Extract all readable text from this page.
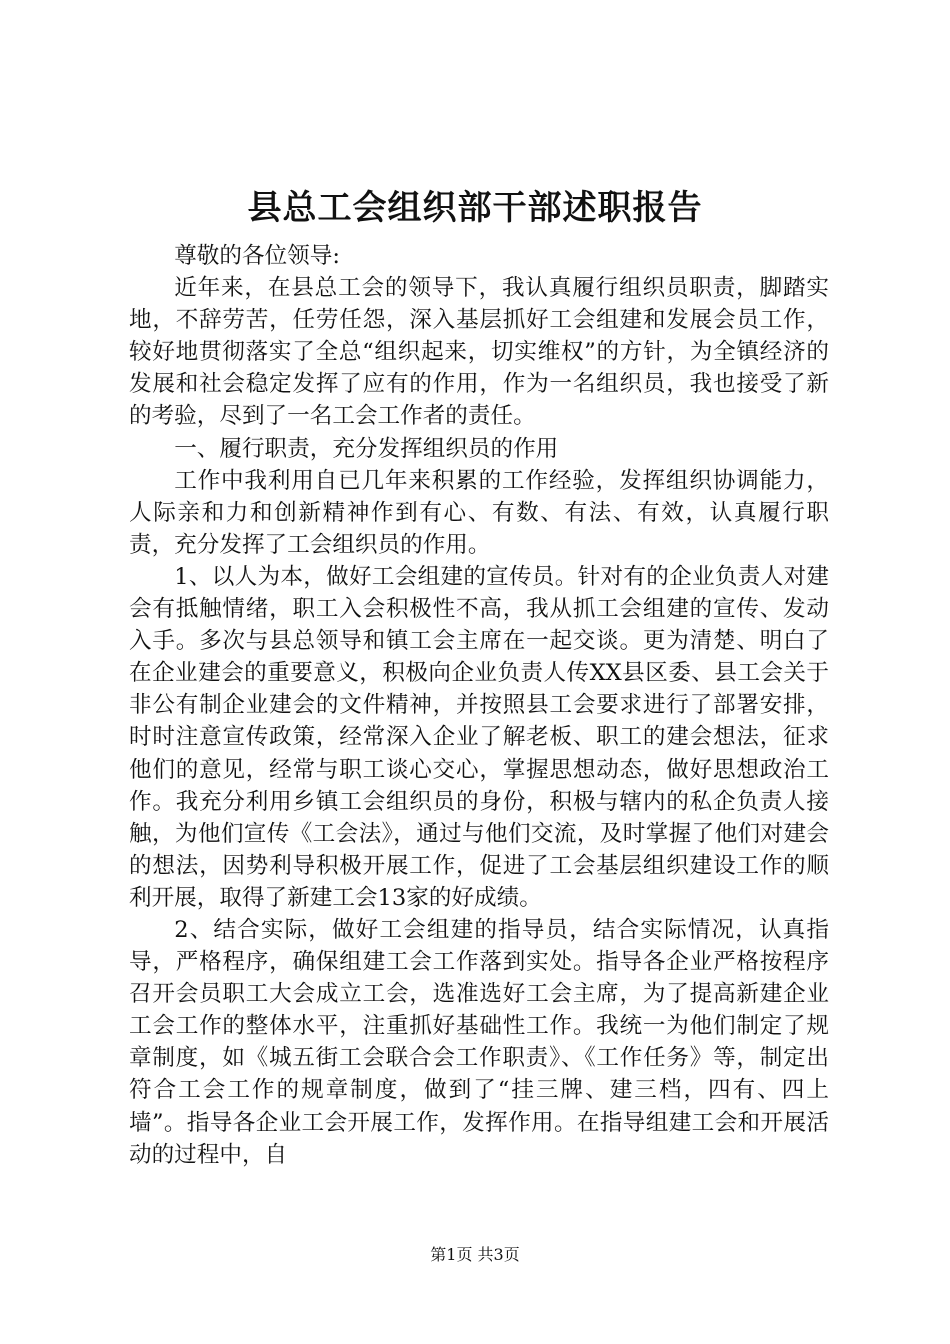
县总工会组织部干部述职报告

尊敬的各位领导:

近年来，在县总工会的领导下，我认真履行组织员职责，脚踏实地，不辞劳苦，任劳任怨，深入基层抓好工会组建和发展会员工作，较好地贯彻落实了全总“组织起来，切实维权”的方针，为全镇经济的发展和社会稳定发挥了应有的作用，作为一名组织员，我也接受了新的考验，尽到了一名工会工作者的责任。

一、履行职责，充分发挥组织员的作用

工作中我利用自已几年来积累的工作经验，发挥组织协调能力，人际亲和力和创新精神作到有心、有数、有法、有效，认真履行职责，充分发挥了工会组织员的作用。

1、以人为本，做好工会组建的宣传员。针对有的企业负责人对建会有抵触情绪，职工入会积极性不高，我从抓工会组建的宣传、发动入手。多次与县总领导和镇工会主席在一起交谈。更为清楚、明白了在企业建会的重要意义，积极向企业负责人传XX县区委、县工会关于非公有制企业建会的文件精神，并按照县工会要求进行了部署安排，时时注意宣传政策，经常深入企业了解老板、职工的建会想法，征求他们的意见，经常与职工谈心交心，掌握思想动态，做好思想政治工作。我充分利用乡镇工会组织员的身份，积极与辖内的私企负责人接触，为他们宣传《工会法》，通过与他们交流，及时掌握了他们对建会的想法，因势利导积极开展工作，促进了工会基层组织建设工作的顺利开展，取得了新建工会13家的好成绩。

2、结合实际，做好工会组建的指导员，结合实际情况，认真指导，严格程序，确保组建工会工作落到实处。指导各企业严格按程序召开会员职工大会成立工会，选准选好工会主席，为了提高新建企业工会工作的整体水平，注重抓好基础性工作。我统一为他们制定了规章制度，如《城五街工会联合会工作职责》、《工作任务》等，制定出符合工会工作的规章制度，做到了“挂三牌、建三档，四有、四上墙”。指导各企业工会开展工作，发挥作用。在指导组建工会和开展活动的过程中，自

第1页 共3页
